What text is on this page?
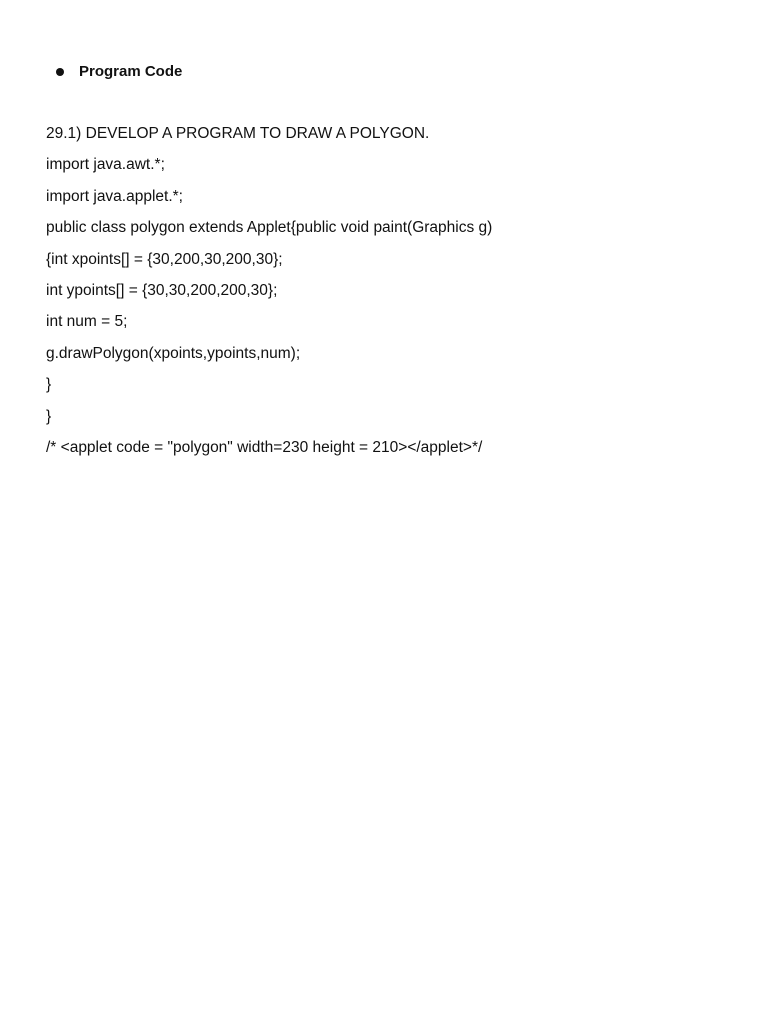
Program Code
29.1) DEVELOP A PROGRAM TO DRAW A POLYGON.
import java.awt.*;
import java.applet.*;
public class polygon extends Applet{public void paint(Graphics g)
{int xpoints[] = {30,200,30,200,30};
int ypoints[] = {30,30,200,200,30};
int num = 5;
g.drawPolygon(xpoints,ypoints,num);
}
}
/* <applet code = "polygon" width=230 height = 210></applet>*/
